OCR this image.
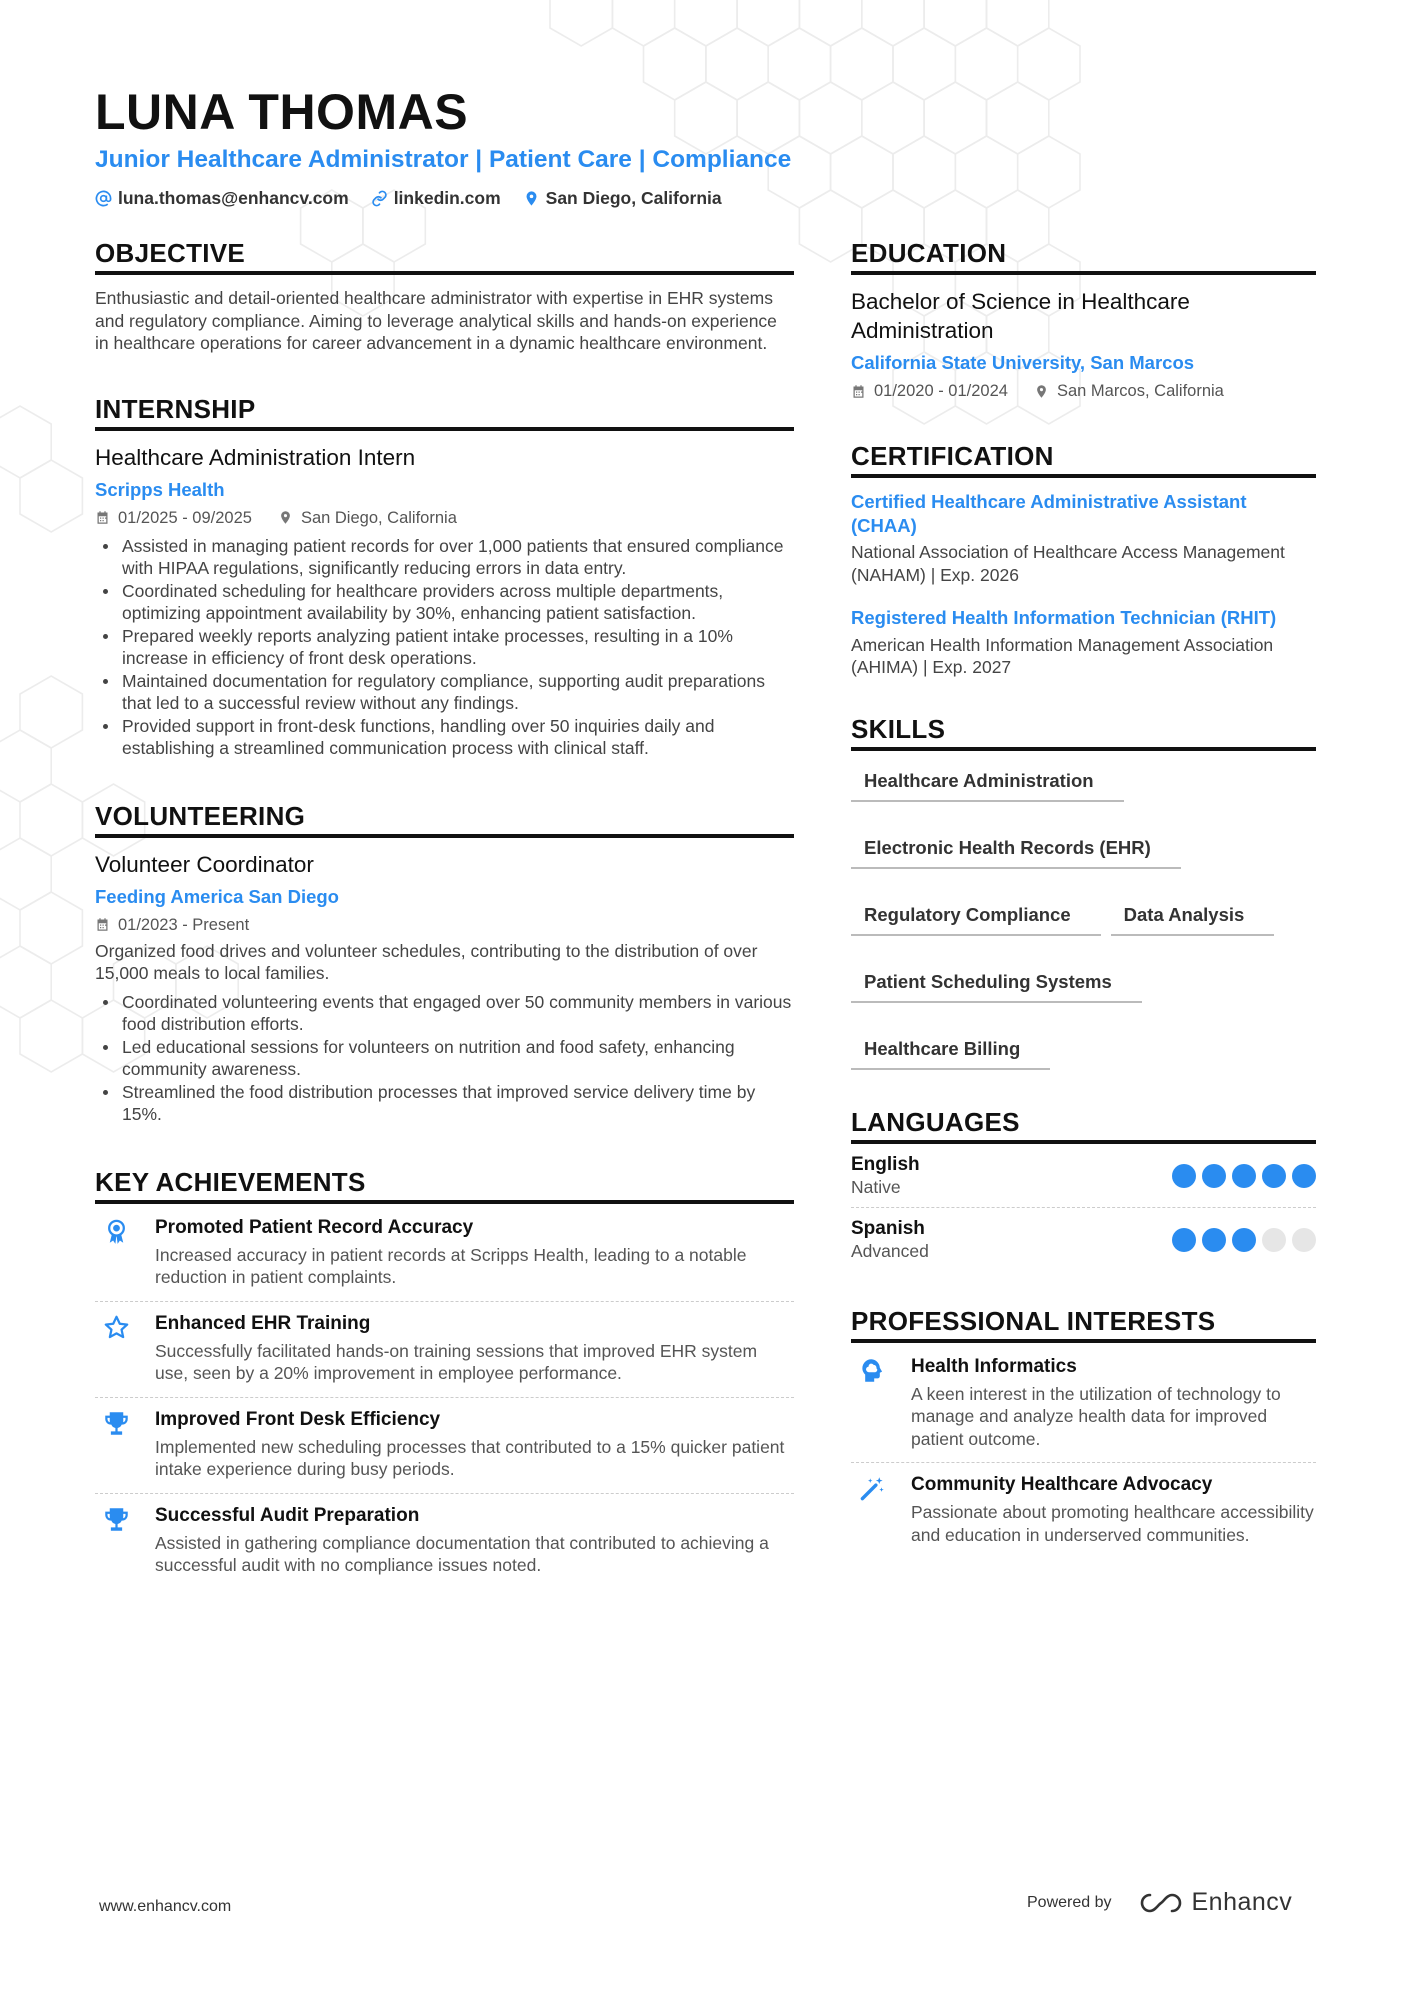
LUNA THOMAS
Junior Healthcare Administrator | Patient Care | Compliance
luna.thomas@enhancv.com	linkedin.com	San Diego, California
OBJECTIVE
Enthusiastic and detail-oriented healthcare administrator with expertise in EHR systems and regulatory compliance. Aiming to leverage analytical skills and hands-on experience in healthcare operations for career advancement in a dynamic healthcare environment.
INTERNSHIP
Healthcare Administration Intern
Scripps Health
01/2025 - 09/2025	San Diego, California
Assisted in managing patient records for over 1,000 patients that ensured compliance with HIPAA regulations, significantly reducing errors in data entry.
Coordinated scheduling for healthcare providers across multiple departments, optimizing appointment availability by 30%, enhancing patient satisfaction.
Prepared weekly reports analyzing patient intake processes, resulting in a 10% increase in efficiency of front desk operations.
Maintained documentation for regulatory compliance, supporting audit preparations that led to a successful review without any findings.
Provided support in front-desk functions, handling over 50 inquiries daily and establishing a streamlined communication process with clinical staff.
VOLUNTEERING
Volunteer Coordinator
Feeding America San Diego
01/2023 - Present
Organized food drives and volunteer schedules, contributing to the distribution of over 15,000 meals to local families.
Coordinated volunteering events that engaged over 50 community members in various food distribution efforts.
Led educational sessions for volunteers on nutrition and food safety, enhancing community awareness.
Streamlined the food distribution processes that improved service delivery time by 15%.
KEY ACHIEVEMENTS
Promoted Patient Record Accuracy
Increased accuracy in patient records at Scripps Health, leading to a notable reduction in patient complaints.
Enhanced EHR Training
Successfully facilitated hands-on training sessions that improved EHR system use, seen by a 20% improvement in employee performance.
Improved Front Desk Efficiency
Implemented new scheduling processes that contributed to a 15% quicker patient intake experience during busy periods.
Successful Audit Preparation
Assisted in gathering compliance documentation that contributed to achieving a successful audit with no compliance issues noted.
EDUCATION
Bachelor of Science in Healthcare Administration
California State University, San Marcos
01/2020 - 01/2024	San Marcos, California
CERTIFICATION
Certified Healthcare Administrative Assistant (CHAA)
National Association of Healthcare Access Management (NAHAM) | Exp. 2026
Registered Health Information Technician (RHIT)
American Health Information Management Association (AHIMA) | Exp. 2027
SKILLS
Healthcare Administration
Electronic Health Records (EHR)
Regulatory Compliance	Data Analysis
Patient Scheduling Systems
Healthcare Billing
LANGUAGES
English
Native
Spanish
Advanced
PROFESSIONAL INTERESTS
Health Informatics
A keen interest in the utilization of technology to manage and analyze health data for improved patient outcome.
Community Healthcare Advocacy
Passionate about promoting healthcare accessibility and education in underserved communities.
www.enhancv.com	Powered by	Enhancv
